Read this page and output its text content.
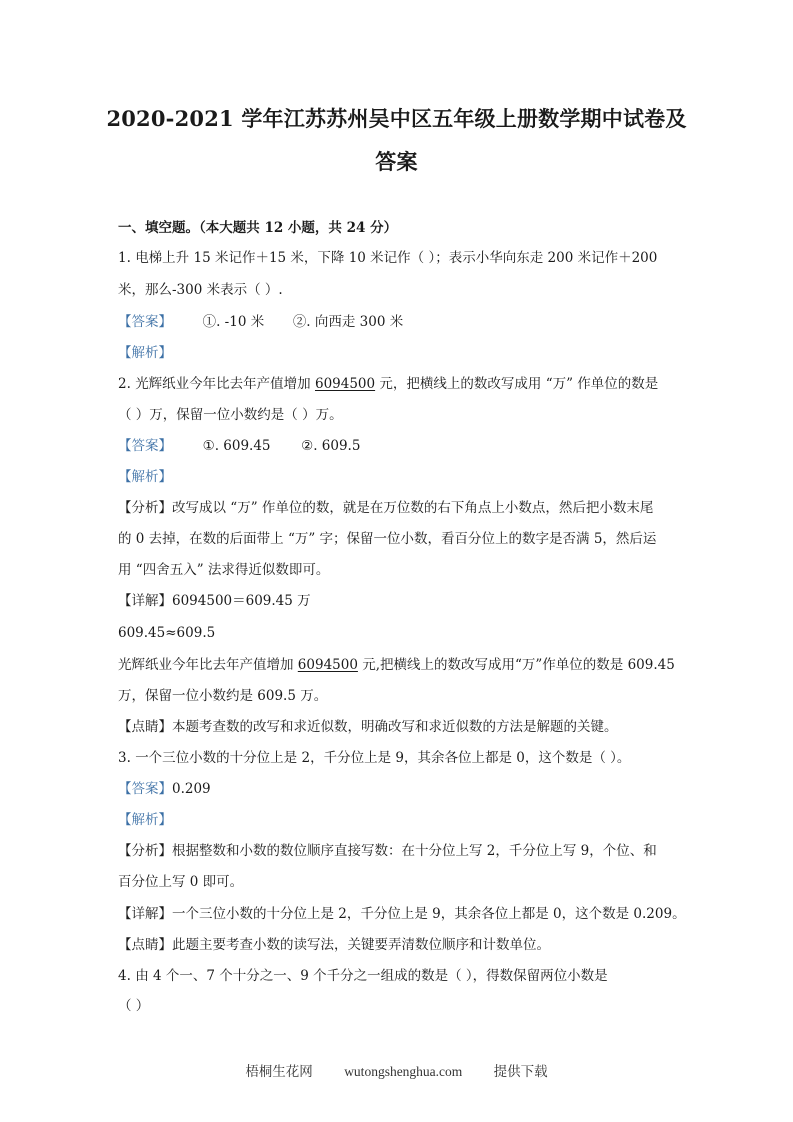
2020-2021 学年江苏苏州吴中区五年级上册数学期中试卷及
答案
一、填空题。（本大题共 12 小题，共 24 分）
1. 电梯上升 15 米记作＋15 米，下降 10 米记作（ ）；表示小华向东走 200 米记作＋200
米，那么-300 米表示（ ）.
【答案】 ①. -10 米 ②. 向西走 300 米
【解析】
2. 光辉纸业今年比去年产值增加 6094500 元，把横线上的数改写成用 “万” 作单位的数是
（ ）万，保留一位小数约是（ ）万。
【答案】 ①. 609.45 ②. 609.5
【解析】
【分析】改写成以 “万” 作单位的数，就是在万位数的右下角点上小数点，然后把小数末尾
的 0 去掉，在数的后面带上 “万” 字；保留一位小数，看百分位上的数字是否满 5，然后运
用 “四舍五入” 法求得近似数即可。
【详解】6094500＝609.45 万
609.45≈609.5
光辉纸业今年比去年产值增加 6094500 元,把横线上的数改写成用“万”作单位的数是 609.45
万，保留一位小数约是 609.5 万。
【点睛】本题考查数的改写和求近似数，明确改写和求近似数的方法是解题的关键。
3. 一个三位小数的十分位上是 2，千分位上是 9，其余各位上都是 0，这个数是（ ）。
【答案】0.209
【解析】
【分析】根据整数和小数的数位顺序直接写数：在十分位上写 2，千分位上写 9，个位、和
百分位上写 0 即可。
【详解】一个三位小数的十分位上是 2，千分位上是 9，其余各位上都是 0，这个数是 0.209。
【点睛】此题主要考查小数的读写法，关键要弄清数位顺序和计数单位。
4. 由 4 个一、7 个十分之一、9 个千分之一组成的数是（ ），得数保留两位小数是
（ ）
梧桐生花网 wutongshenghua.com 提供下载
